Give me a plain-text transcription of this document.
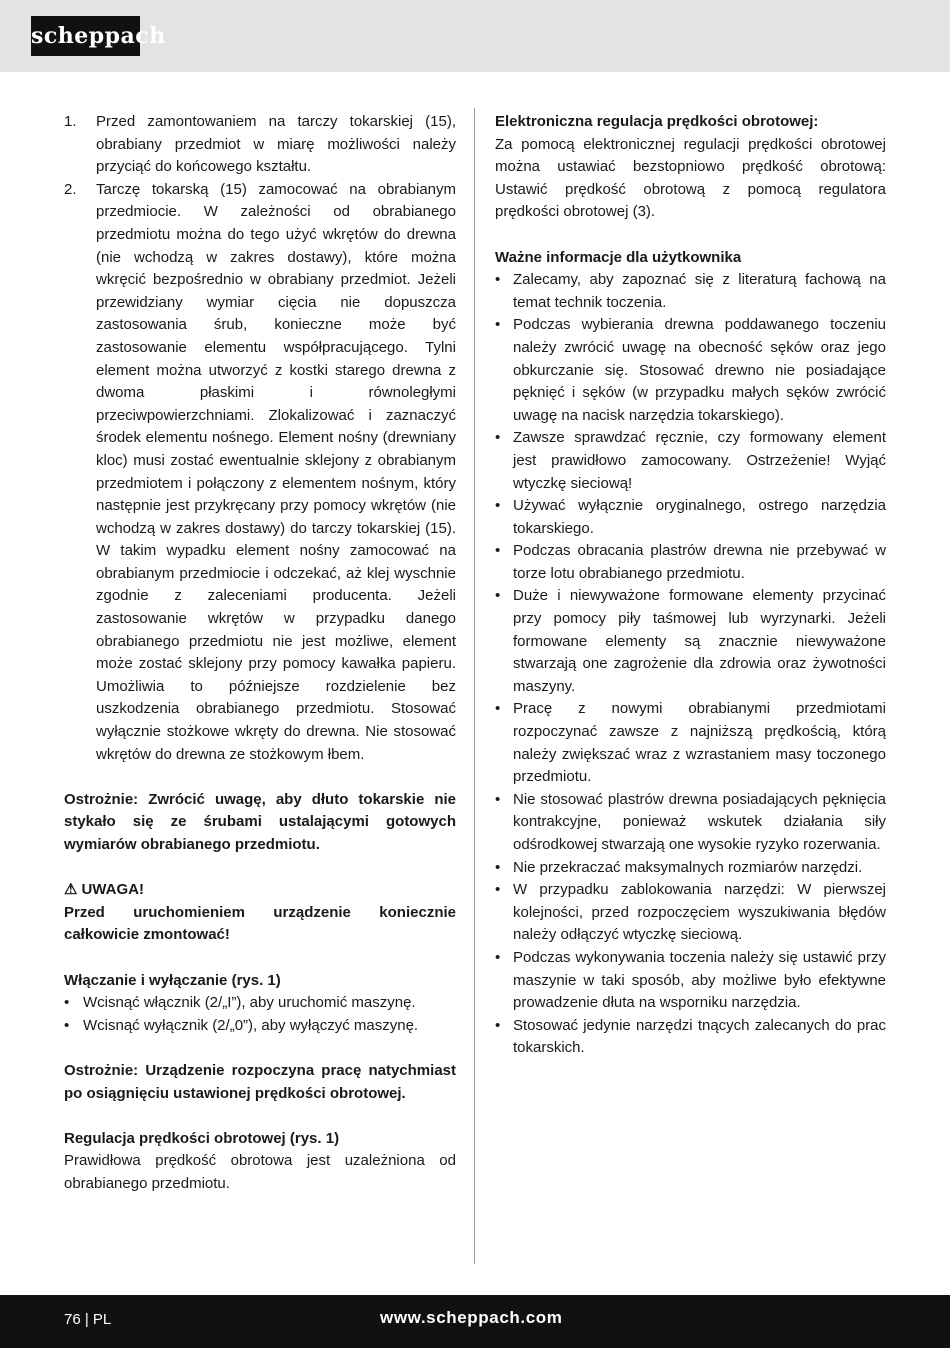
scheppach
1. Przed zamontowaniem na tarczy tokarskiej (15), obrabiany przedmiot w miarę możliwości należy przyciąć do końcowego kształtu.
2. Tarczę tokarską (15) zamocować na obrabianym przedmiocie. W zależności od obrabianego przedmiotu można do tego użyć wkrętów do drewna (nie wchodzą w zakres dostawy), które można wkręcić bezpośrednio w obrabiany przedmiot. Jeżeli przewidziany wymiar cięcia nie dopuszcza zastosowania śrub, konieczne może być zastosowanie elementu współpracującego. Tylni element można utworzyć z kostki starego drewna z dwoma płaskimi i równoległymi przeciwpowierzchniami. Zlokalizować i zaznaczyć środek elementu nośnego. Element nośny (drewniany kloc) musi zostać ewentualnie sklejony z obrabianym przedmiotem i połączony z elementem nośnym, który następnie jest przykręcany przy pomocy wkrętów (nie wchodzą w zakres dostawy) do tarczy tokarskiej (15). W takim wypadku element nośny zamocować na obrabianym przedmiocie i odczekać, aż klej wyschnie zgodnie z zaleceniami producenta. Jeżeli zastosowanie wkrętów w przypadku danego obrabianego przedmiotu nie jest możliwe, element może zostać sklejony przy pomocy kawałka papieru. Umożliwia to późniejsze rozdzielenie bez uszkodzenia obrabianego przedmiotu. Stosować wyłącznie stożkowe wkręty do drewna. Nie stosować wkrętów do drewna ze stożkowym łbem.

Ostrożnie: Zwrócić uwagę, aby dłuto tokarskie nie stykało się ze śrubami ustalającymi gotowych wymiarów obrabianego przedmiotu.

⚠ UWAGA!

Przed uruchomieniem urządzenie koniecznie całkowicie zmontować!

Włączanie i wyłączanie (rys. 1)

• Wcisnąć włącznik (2/„I”), aby uruchomić maszynę.
• Wcisnąć wyłącznik (2/„0”), aby wyłączyć maszynę.

Ostrożnie: Urządzenie rozpoczyna pracę natychmiast po osiągnięciu ustawionej prędkości obrotowej.

Regulacja prędkości obrotowej (rys. 1)

Prawidłowa prędkość obrotowa jest uzależniona od obrabianego przedmiotu.

Elektroniczna regulacja prędkości obrotowej:

Za pomocą elektronicznej regulacji prędkości obrotowej można ustawiać bezstopniowo prędkość obrotową: Ustawić prędkość obrotową z pomocą regulatora prędkości obrotowej (3).

Ważne informacje dla użytkownika

• Zalecamy, aby zapoznać się z literaturą fachową na temat technik toczenia.
• Podczas wybierania drewna poddawanego toczeniu należy zwrócić uwagę na obecność sęków oraz jego obkurczanie się. Stosować drewno nie posiadające pęknięć i sęków (w przypadku małych sęków zwrócić uwagę na nacisk narzędzia tokarskiego).
• Zawsze sprawdzać ręcznie, czy formowany element jest prawidłowo zamocowany. Ostrzeżenie! Wyjąć wtyczkę sieciową!
• Używać wyłącznie oryginalnego, ostrego narzędzia tokarskiego.
• Podczas obracania plastrów drewna nie przebywać w torze lotu obrabianego przedmiotu.
• Duże i niewyważone formowane elementy przycinać przy pomocy piły taśmowej lub wyrzynarki. Jeżeli formowane elementy są znacznie niewyważone stwarzają one zagrożenie dla zdrowia oraz żywotności maszyny.
• Pracę z nowymi obrabianymi przedmiotami rozpoczynać zawsze z najniższą prędkością, którą należy zwiększać wraz z wzrastaniem masy toczonego przedmiotu.
• Nie stosować plastrów drewna posiadających pęknięcia kontrakcyjne, ponieważ wskutek działania siły odśrodkowej stwarzają one wysokie ryzyko rozerwania.
• Nie przekraczać maksymalnych rozmiarów narzędzi.
• W przypadku zablokowania narzędzi: W pierwszej kolejności, przed rozpoczęciem wyszukiwania błędów należy odłączyć wtyczkę sieciową.
• Podczas wykonywania toczenia należy się ustawić przy maszynie w taki sposób, aby możliwe było efektywne prowadzenie dłuta na wsporniku narzędzia.
• Stosować jedynie narzędzi tnących zalecanych do prac tokarskich.
76 | PL	www.scheppach.com
